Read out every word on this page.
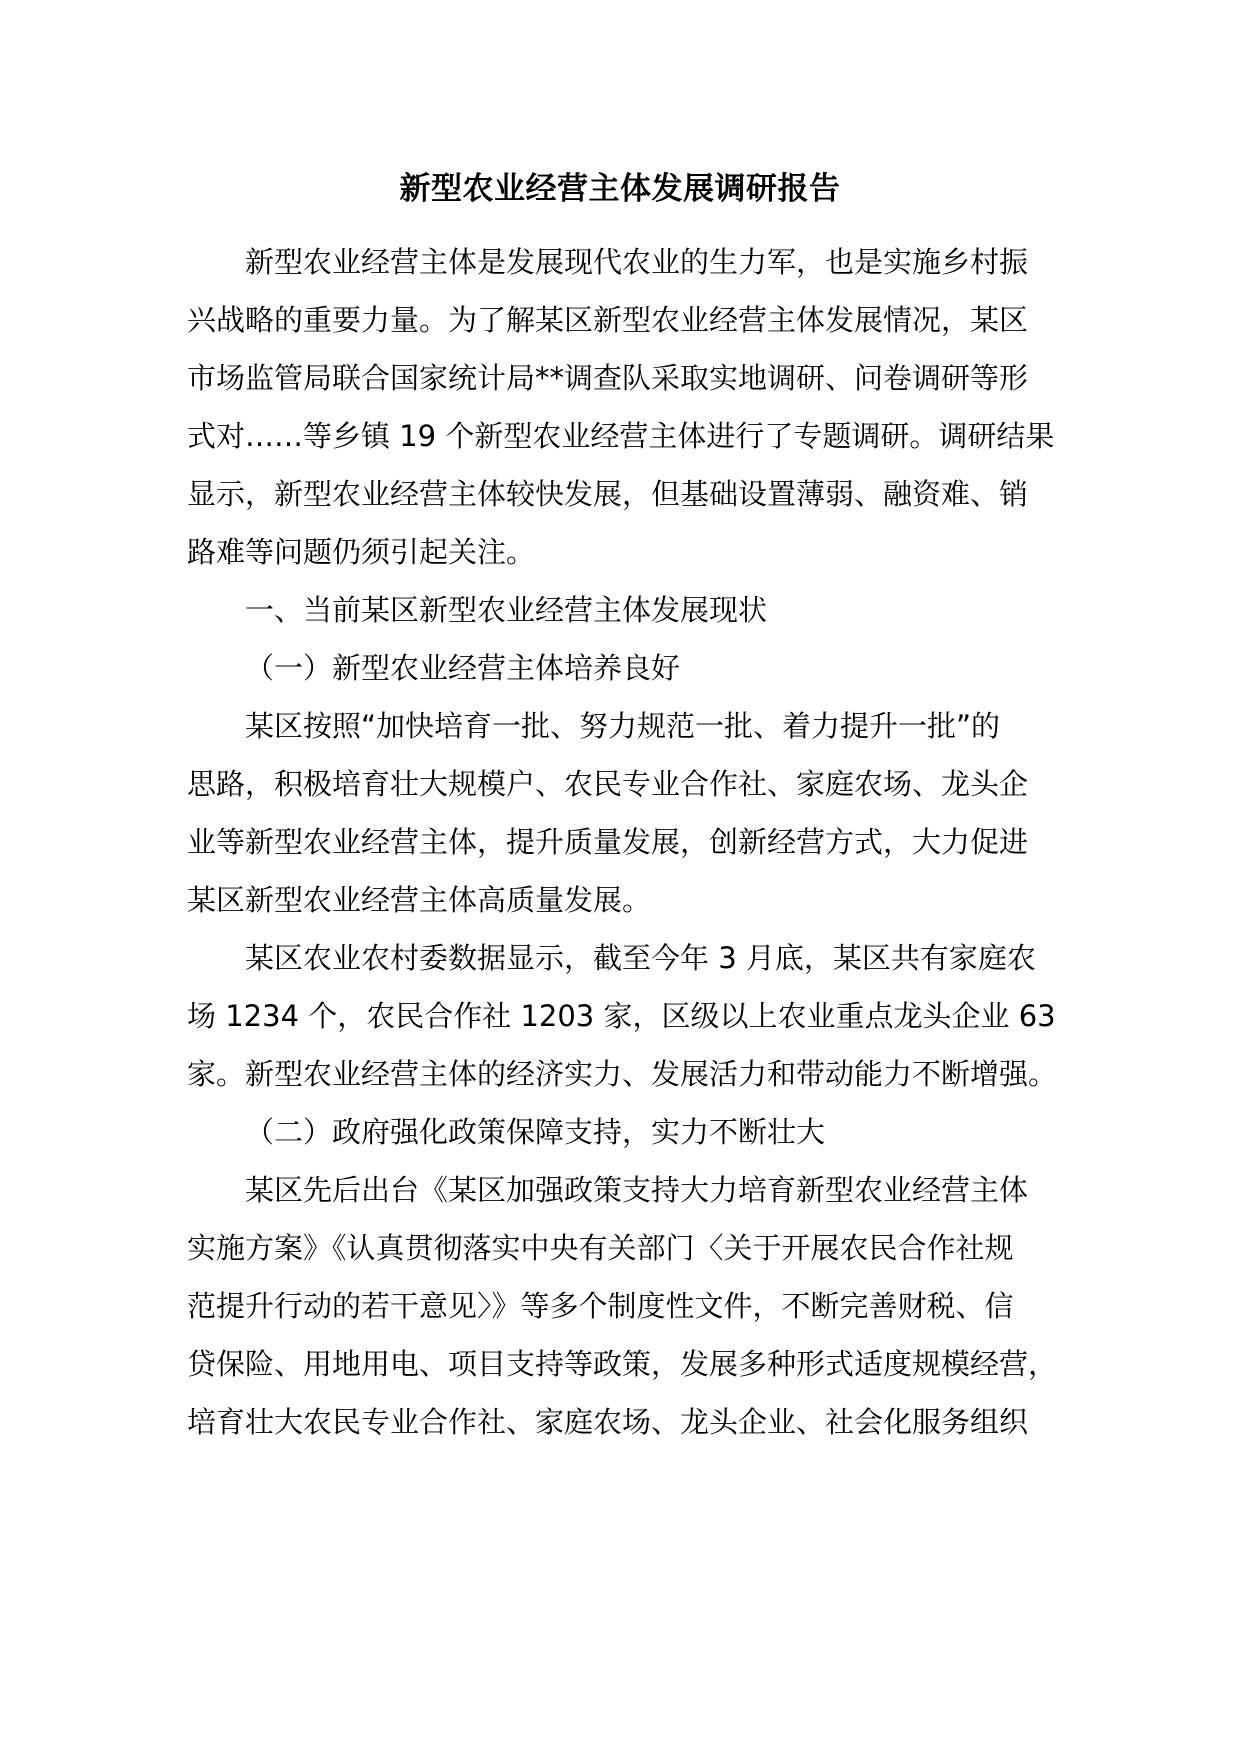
新型农业经营主体发展调研报告
新型农业经营主体是发展现代农业的生力军，也是实施乡村振
兴战略的重要力量。为了解某区新型农业经营主体发展情况，某区
市场监管局联合国家统计局**调查队采取实地调研、问卷调研等形
式对……等乡镇 19 个新型农业经营主体进行了专题调研。调研结果
显示，新型农业经营主体较快发展，但基础设置薄弱、融资难、销
路难等问题仍须引起关注。
一、当前某区新型农业经营主体发展现状
（一）新型农业经营主体培养良好
某区按照“加快培育一批、努力规范一批、着力提升一批”的
思路，积极培育壮大规模户、农民专业合作社、家庭农场、龙头企
业等新型农业经营主体，提升质量发展，创新经营方式，大力促进
某区新型农业经营主体高质量发展。
某区农业农村委数据显示，截至今年 3 月底，某区共有家庭农
场 1234 个，农民合作社 1203 家，区级以上农业重点龙头企业 63
家。新型农业经营主体的经济实力、发展活力和带动能力不断增强。
（二）政府强化政策保障支持，实力不断壮大
某区先后出台《某区加强政策支持大力培育新型农业经营主体
实施方案》《认真贯彻落实中央有关部门〈关于开展农民合作社规
范提升行动的若干意见〉》等多个制度性文件，不断完善财税、信
贷保险、用地用电、项目支持等政策，发展多种形式适度规模经营，
培育壮大农民专业合作社、家庭农场、龙头企业、社会化服务组织
